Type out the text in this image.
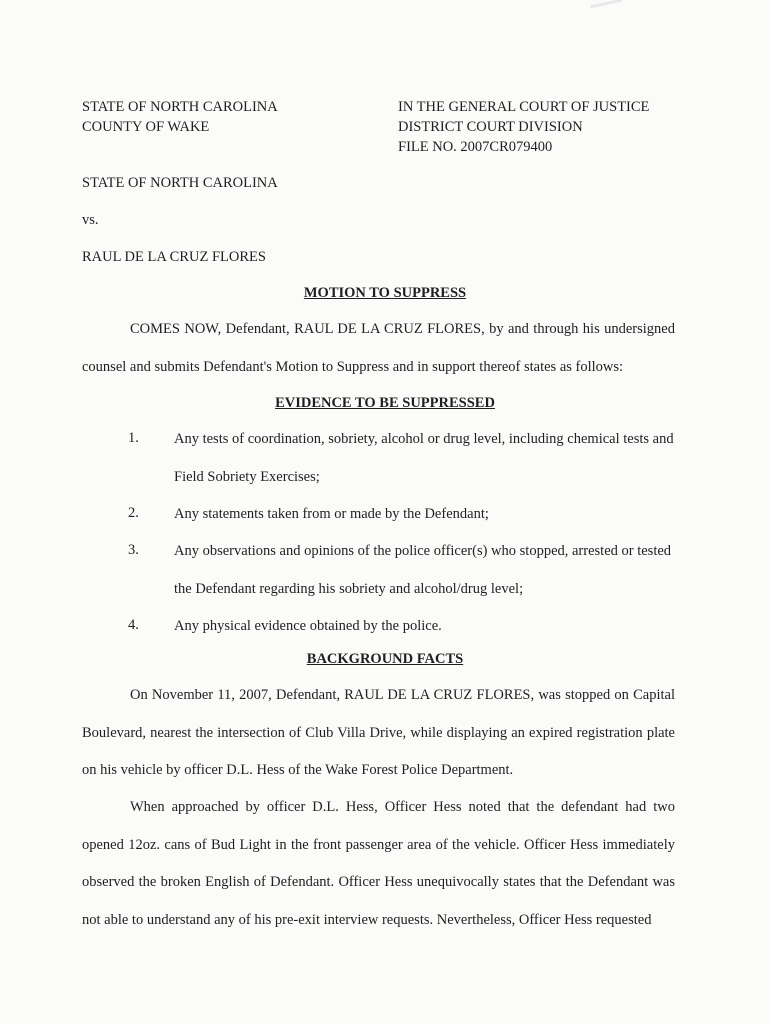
STATE OF NORTH CAROLINA
COUNTY OF WAKE
IN THE GENERAL COURT OF JUSTICE
DISTRICT COURT DIVISION
FILE NO. 2007CR079400
STATE OF NORTH CAROLINA
vs.
RAUL DE LA CRUZ FLORES
MOTION TO SUPPRESS
COMES NOW, Defendant, RAUL DE LA CRUZ FLORES, by and through his undersigned counsel and submits Defendant's Motion to Suppress and in support thereof states as follows:
EVIDENCE TO BE SUPPRESSED
1. Any tests of coordination, sobriety, alcohol or drug level, including chemical tests and Field Sobriety Exercises;
2. Any statements taken from or made by the Defendant;
3. Any observations and opinions of the police officer(s) who stopped, arrested or tested the Defendant regarding his sobriety and alcohol/drug level;
4. Any physical evidence obtained by the police.
BACKGROUND FACTS
On November 11, 2007, Defendant, RAUL DE LA CRUZ FLORES, was stopped on Capital Boulevard, nearest the intersection of Club Villa Drive, while displaying an expired registration plate on his vehicle by officer D.L. Hess of the Wake Forest Police Department.
When approached by officer D.L. Hess, Officer Hess noted that the defendant had two opened 12oz. cans of Bud Light in the front passenger area of the vehicle. Officer Hess immediately observed the broken English of Defendant. Officer Hess unequivocally states that the Defendant was not able to understand any of his pre-exit interview requests. Nevertheless, Officer Hess requested
